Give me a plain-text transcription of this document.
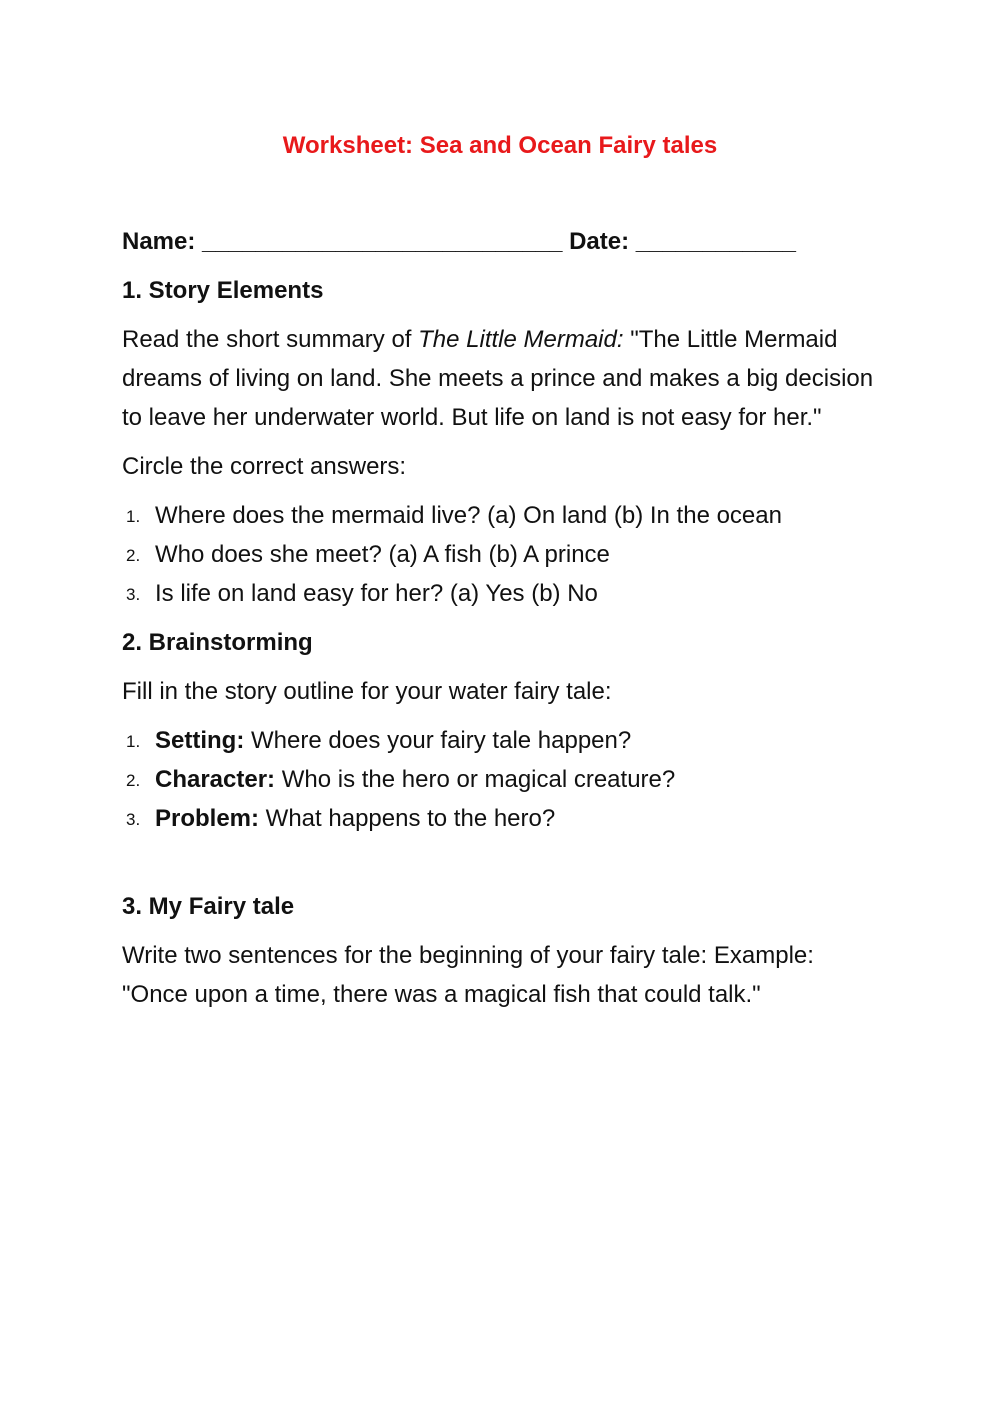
Worksheet: Sea and Ocean Fairy tales
Name: ___________________________ Date: ____________
1. Story Elements
Read the short summary of The Little Mermaid: "The Little Mermaid dreams of living on land. She meets a prince and makes a big decision to leave her underwater world. But life on land is not easy for her."
Circle the correct answers:
1. Where does the mermaid live? (a) On land (b) In the ocean
2. Who does she meet? (a) A fish (b) A prince
3. Is life on land easy for her? (a) Yes (b) No
2. Brainstorming
Fill in the story outline for your water fairy tale:
1. Setting: Where does your fairy tale happen?
2. Character: Who is the hero or magical creature?
3. Problem: What happens to the hero?
3. My Fairy tale
Write two sentences for the beginning of your fairy tale: Example: "Once upon a time, there was a magical fish that could talk."
